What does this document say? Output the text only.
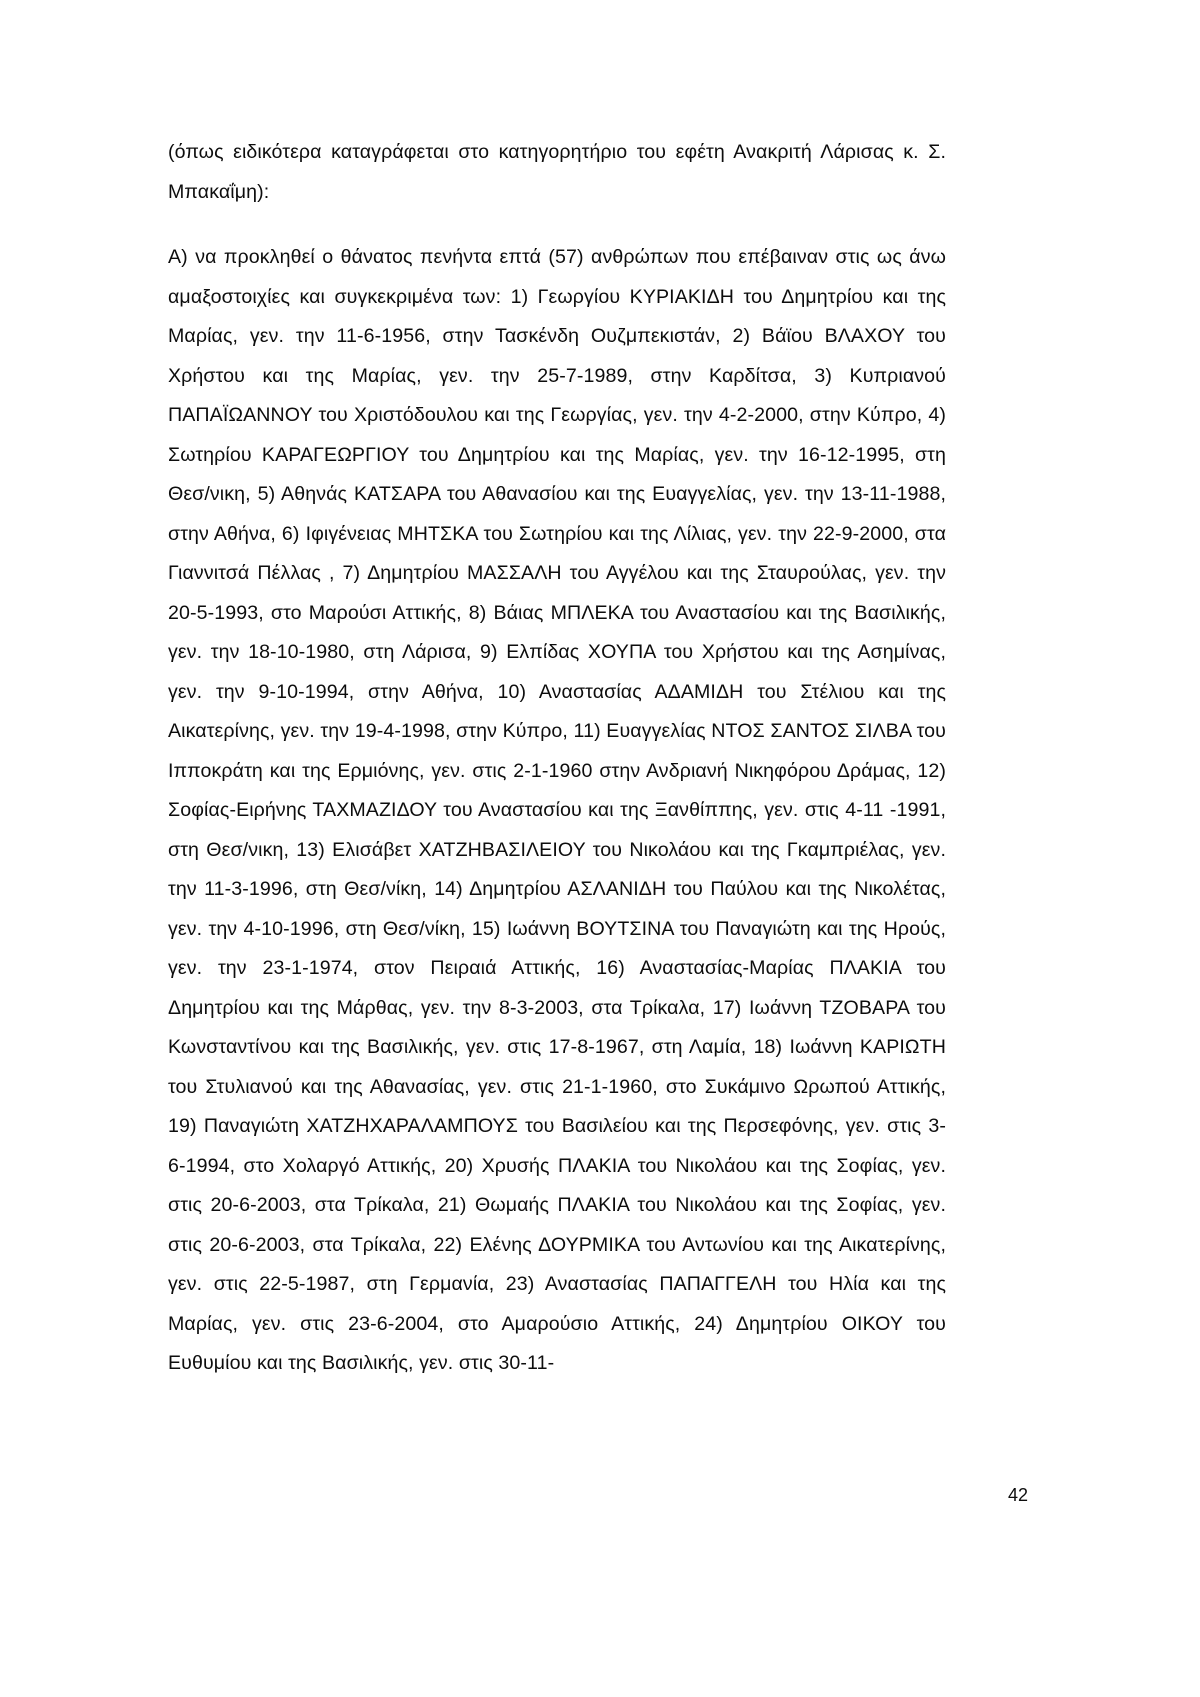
(όπως ειδικότερα καταγράφεται στο κατηγορητήριο του εφέτη Ανακριτή Λάρισας κ. Σ. Μπακαΐμη):

Α) να προκληθεί ο θάνατος πενήντα επτά (57) ανθρώπων που επέβαιναν στις ως άνω αμαξοστοιχίες και συγκεκριμένα των: 1) Γεωργίου ΚΥΡΙΑΚΙΔΗ του Δημητρίου και της Μαρίας, γεν. την 11-6-1956, στην Τασκένδη Ουζμπεκιστάν, 2) Βάϊου ΒΛΑΧΟΥ του Χρήστου και της Μαρίας, γεν. την 25-7-1989, στην Καρδίτσα, 3) Κυπριανού ΠΑΠΑΪΩΑΝΝΟΥ του Χριστόδουλου και της Γεωργίας, γεν. την 4-2-2000, στην Κύπρο, 4) Σωτηρίου ΚΑΡΑΓΕΩΡΓΙΟΥ του Δημητρίου και της Μαρίας, γεν. την 16-12-1995, στη Θεσ/νικη, 5) Αθηνάς ΚΑΤΣΑΡΑ του Αθανασίου και της Ευαγγελίας, γεν. την 13-11-1988, στην Αθήνα, 6) Ιφιγένειας ΜΗΤΣΚΑ του Σωτηρίου και της Λίλιας, γεν. την 22-9-2000, στα Γιαννιτσά Πέλλας , 7) Δημητρίου ΜΑΣΣΑΛΗ του Αγγέλου και της Σταυρούλας, γεν. την 20-5-1993, στο Μαρούσι Αττικής, 8) Βάιας ΜΠΛΕΚΑ του Αναστασίου και της Βασιλικής, γεν. την 18-10-1980, στη Λάρισα, 9) Ελπίδας ΧΟΥΠΑ του Χρήστου και της Ασημίνας, γεν. την 9-10-1994, στην Αθήνα, 10) Αναστασίας ΑΔΑΜΙΔΗ του Στέλιου και της Αικατερίνης, γεν. την 19-4-1998, στην Κύπρο, 11) Ευαγγελίας ΝΤΟΣ ΣΑΝΤΟΣ ΣΙΛΒΑ του Ιπποκράτη και της Ερμιόνης, γεν. στις 2-1-1960 στην Ανδριανή Νικηφόρου Δράμας, 12) Σοφίας-Ειρήνης ΤΑΧΜΑΖΙΔΟΥ του Αναστασίου και της Ξανθίππης, γεν. στις 4-11 -1991, στη Θεσ/νικη, 13) Ελισάβετ ΧΑΤΖΗΒΑΣΙΛΕΙΟΥ του Νικολάου και της Γκαμπριέλας, γεν. την 11-3-1996, στη Θεσ/νίκη, 14) Δημητρίου ΑΣΛΑΝΙΔΗ του Παύλου και της Νικολέτας, γεν. την 4-10-1996, στη Θεσ/νίκη, 15) Ιωάννη ΒΟΥΤΣΙΝΑ του Παναγιώτη και της Ηρούς, γεν. την 23-1-1974, στον Πειραιά Αττικής, 16) Αναστασίας-Μαρίας ΠΛΑΚΙΑ του Δημητρίου και της Μάρθας, γεν. την 8-3-2003, στα Τρίκαλα, 17) Ιωάννη ΤΖΟΒΑΡΑ του Κωνσταντίνου και της Βασιλικής, γεν. στις 17-8-1967, στη Λαμία, 18) Ιωάννη ΚΑΡΙΩΤΗ του Στυλιανού και της Αθανασίας, γεν. στις 21-1-1960, στο Συκάμινο Ωρωπού Αττικής, 19) Παναγιώτη ΧΑΤΖΗΧΑΡΑΛΑΜΠΟΥΣ του Βασιλείου και της Περσεφόνης, γεν. στις 3-6-1994, στο Χολαργό Αττικής, 20) Χρυσής ΠΛΑΚΙΑ του Νικολάου και της Σοφίας, γεν. στις 20-6-2003, στα Τρίκαλα, 21) Θωμαής ΠΛΑΚΙΑ του Νικολάου και της Σοφίας, γεν. στις 20-6-2003, στα Τρίκαλα, 22) Ελένης ΔΟΥΡΜΙΚΑ του Αντωνίου και της Αικατερίνης, γεν. στις 22-5-1987, στη Γερμανία, 23) Αναστασίας ΠΑΠΑΓΓΕΛΗ του Ηλία και της Μαρίας, γεν. στις 23-6-2004, στο Αμαρούσιο Αττικής, 24) Δημητρίου ΟΙΚΟΥ του Ευθυμίου και της Βασιλικής, γεν. στις 30-11-

42
